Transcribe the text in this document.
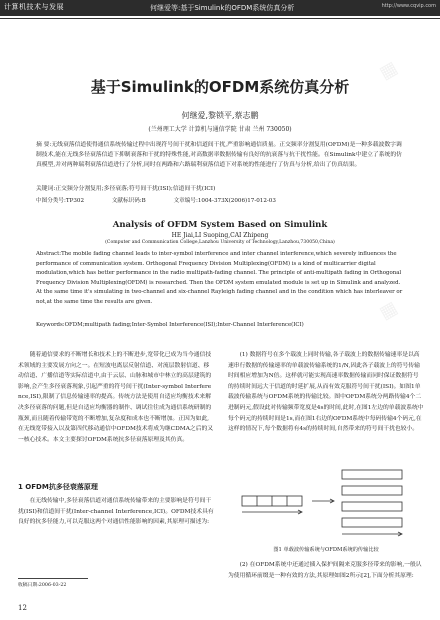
计算机技术与发展	何继爱等:基于Simulink的OFDM系统仿真分析	http://www.cqvip.com
▦
▦
基于Simulink的OFDM系统仿真分析
何继爱,黎锁平,蔡志鹏
(兰州理工大学 计算机与通信学院 甘肃 兰州 730050)
摘 要:无线衰落信道使得通信系统传输过程中出现符号间干扰和信道间干扰,严重影响通信质量。正交频率分割复用(OFDM)是一种多载波数字调制技术,能在无线多径衰落信道下抑制衰落和干扰的特殊性能,对高数据率数据传输有良好的抗衰落与抗干扰性能。在Simulink中建立了系统的仿真模型,并对两种瑞利衰落信道进行了分析,同时在两路和六路瑞利衰落信道下对系统的性能进行了仿真与分析,给出了仿真结果。
关键词:正交频分分割复用;多径衰落;符号间干扰(ISI);信道间干扰(ICI)
中图分类号:TP302	文献标识码:B	文章编号:1004-373X(2006)17-012-03
Analysis of OFDM System Based on Simulink
HE Jiai,LI Suoping,CAI Zhipeng
(Computer and Communication College,Lanzhou University of Technology,Lanzhou,730050,China)
Abstract:The mobile fading channel leads to inter-symbol interference and inter channel interference,which severely influences the performance of communication system. Orthogonal Frequency Division Multiplexing(OFDM) is a kind of multicarrier digital modulation,which has better performance in the radio multipath-fading channel. The principle of anti-multipath fading in Orthogonal Frequency Division Multiplexing(OFDM) is researched. Then the OFDM system emulated module is set up in Simulink and analyzed. At the same time it's simulating in two-channel and six-channel Rayleigh fading channel and in the condition which has interleaver or not,at the same time the results are given.
Keywords:OFDM;multipath fading;Inter-Symbol Interference(ISI);Inter-Channel Interference(ICI)
随着通信要求的不断增长和技术上的不断进步,宽带化已成为当今通信技术领域的主要发展方向之一。在短波电离层反射信道、对流层散射信道、移动信道、广播信道等实际信道中,由于云层、山脉和城市中林立的高层建筑的影响,会产生多径衰落现象,引起严重的符号间干扰(Inter-symbol Interference,ISI),限制了信息传输速率的提高。传统方法是使用自适应均衡技术来解决多径衰落的问题,但是自适应均衡器的制作、调试往往成为通信系统研制的瓶颈,而且随着传输带宽的不断增加,复杂度和成本也不断增加。正因为如此,在无线宽带接入以及第四代移动通信中OFDM技术将成为继CDMA之后的又一核心技术。本文主要探讨OFDM系统抗多径衰落原理及其仿真。
1 OFDM抗多径衰落原理
在无线传输中,多径衰落信道对通信系统传输带来的主要影响是符号间干扰(ISI)和信道间干扰(Inter-channel Interference,ICI)。OFDM技术具有良好的抗多径能力,可以克服这两个对通信性能影响的因素,其原理可描述为:
收稿日期:2006-03-22
12
(1) 数据符号在多个载波上同时传输,各子载波上的数据传输速率是以高速串行数据的传输速率的单载波传输系统的1/N,因此各子载波上的符号传输时间相应增加为N倍。这样就可能实现高速率数据传输而同时保证数据符号的持续时间远大于信道的时延扩展,从而有效克服符号间干扰(ISI)。如图1单载波传输系统与OFDM系统的传输比较。图中OFDM系统分两路传输4个二进制码元,假设此对传输频带宽度是4s的时间,此时,在图1左边的单载波系统中每个码元的持续时间是1s,而在图1右边的OFDM系统中每码传输4个码元,在这样的情况下,每个数据将有4s的持续时间,自然带来的符号间干扰也较小。
图1 单载波传输系统与OFDM系统的传输比较
(2) 在OFDM系统中还通过插入保护间隔来克服多径带来的影响,一般认为使用循环前缀是一种有效的方法,其原理如图2所示[2],下面分析其原理:
